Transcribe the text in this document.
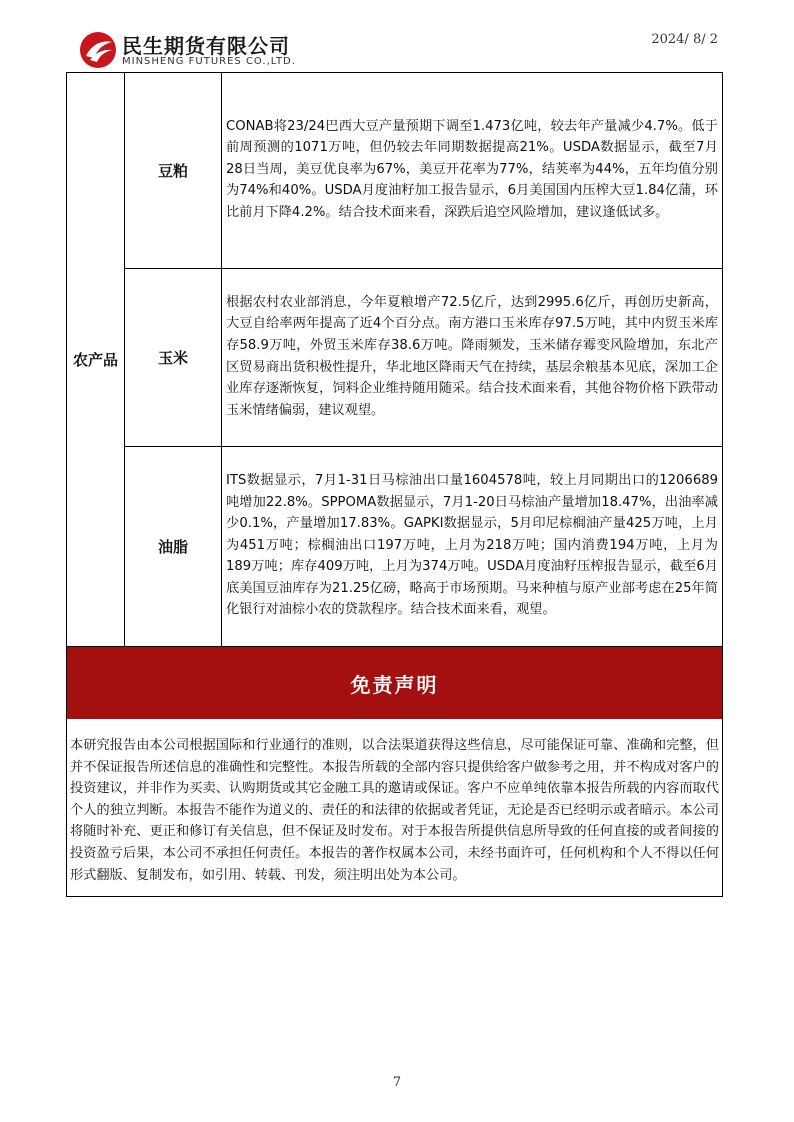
民生期货有限公司
MINSHENG FUTURES CO.,LTD.
2024/ 8/ 2
农产品	豆粕	CONAB将23/24巴西大豆产量预期下调至1.473亿吨，较去年产量减少4.7%。低于前周预测的1071万吨，但仍较去年同期数据提高21%。USDA数据显示，截至7月28日当周，美豆优良率为67%，美豆开花率为77%，结荚率为44%，五年均值分别为74%和40%。USDA月度油籽加工报告显示，6月美国国内压榨大豆1.84亿蒲，环比前月下降4.2%。结合技术面来看，深跌后追空风险增加，建议逢低试多。
	玉米	根据农村农业部消息，今年夏粮增产72.5亿斤，达到2995.6亿斤，再创历史新高，大豆自给率两年提高了近4个百分点。南方港口玉米库存97.5万吨，其中内贸玉米库存58.9万吨，外贸玉米库存38.6万吨。降雨频发，玉米储存霉变风险增加，东北产区贸易商出货积极性提升，华北地区降雨天气在持续，基层余粮基本见底，深加工企业库存逐渐恢复，饲料企业维持随用随采。结合技术面来看，其他谷物价格下跌带动玉米情绪偏弱，建议观望。
	油脂	ITS数据显示，7月1-31日马棕油出口量1604578吨，较上月同期出口的1206689吨增加22.8%。SPPOMA数据显示，7月1-20日马棕油产量增加18.47%，出油率减少0.1%，产量增加17.83%。GAPKI数据显示，5月印尼棕榈油产量425万吨，上月为451万吨；棕榈油出口197万吨，上月为218万吨；国内消费194万吨，上月为189万吨；库存409万吨，上月为374万吨。USDA月度油籽压榨报告显示，截至6月底美国豆油库存为21.25亿磅，略高于市场预期。马来种植与原产业部考虑在25年简化银行对油棕小农的贷款程序。结合技术面来看，观望。
免责声明
本研究报告由本公司根据国际和行业通行的准则，以合法渠道获得这些信息，尽可能保证可靠、准确和完整，但并不保证报告所述信息的准确性和完整性。本报告所载的全部内容只提供给客户做参考之用，并不构成对客户的投资建议，并非作为买卖、认购期货或其它金融工具的邀请或保证。客户不应单纯依靠本报告所载的内容而取代个人的独立判断。本报告不能作为道义的、责任的和法律的依据或者凭证，无论是否已经明示或者暗示。本公司将随时补充、更正和修订有关信息，但不保证及时发布。对于本报告所提供信息所导致的任何直接的或者间接的投资盈亏后果，本公司不承担任何责任。本报告的著作权属本公司，未经书面许可，任何机构和个人不得以任何形式翻版、复制发布，如引用、转载、刊发，须注明出处为本公司。
7
